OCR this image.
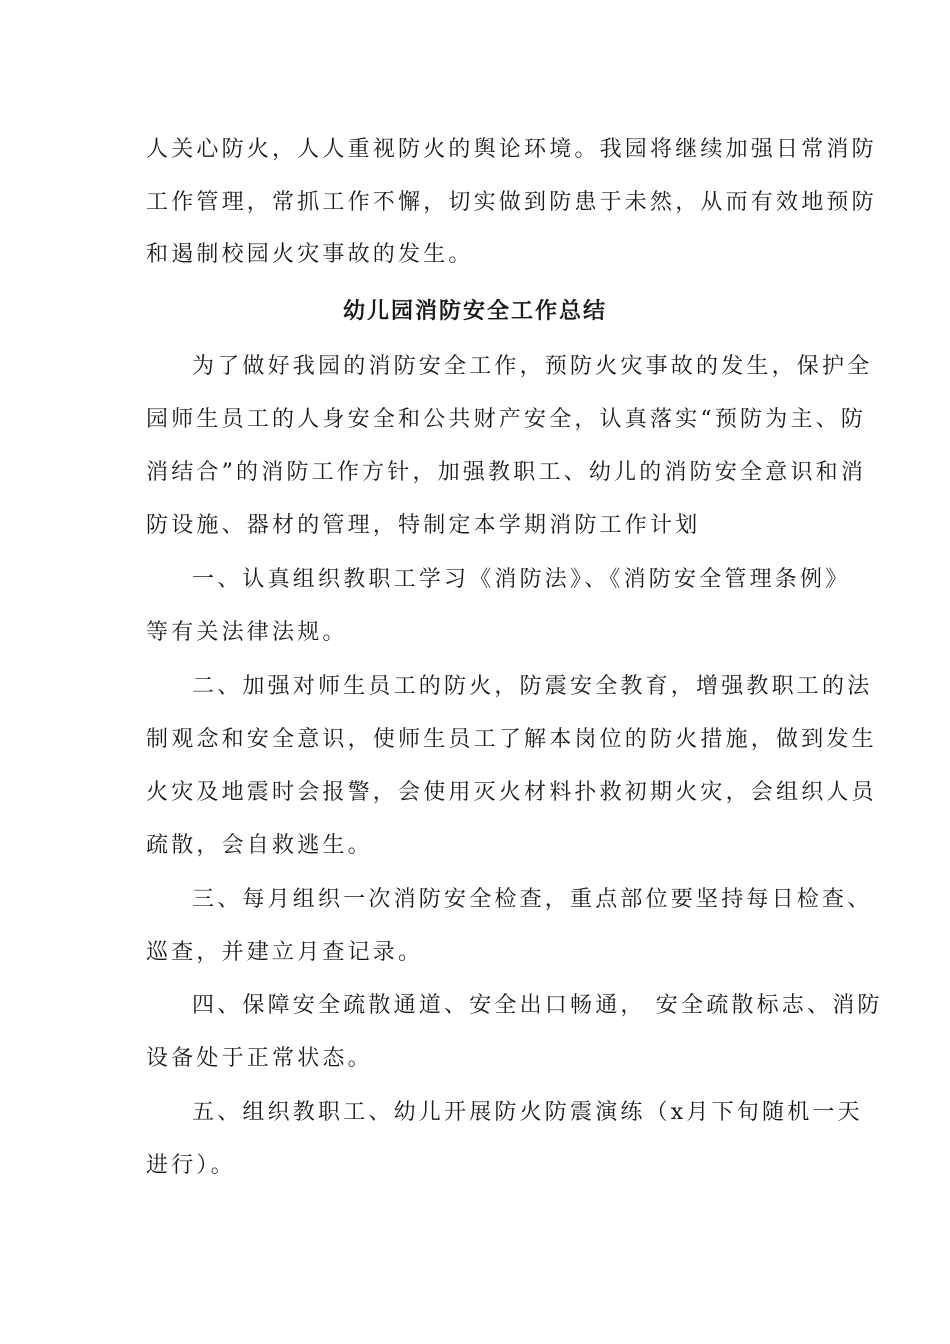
人关心防火，人人重视防火的舆论环境。我园将继续加强日常消防
工作管理，常抓工作不懈，切实做到防患于未然，从而有效地预防
和遏制校园火灾事故的发生。
幼儿园消防安全工作总结
为了做好我园的消防安全工作，预防火灾事故的发生，保护全
园师生员工的人身安全和公共财产安全，认真落实“预防为主、防
消结合”的消防工作方针，加强教职工、幼儿的消防安全意识和消
防设施、器材的管理，特制定本学期消防工作计划
一、认真组织教职工学习《消防法》、《消防安全管理条例》
等有关法律法规。
二、加强对师生员工的防火，防震安全教育，增强教职工的法
制观念和安全意识，使师生员工了解本岗位的防火措施，做到发生
火灾及地震时会报警，会使用灭火材料扑救初期火灾，会组织人员
疏散，会自救逃生。
三、每月组织一次消防安全检查，重点部位要坚持每日检查、
巡查，并建立月查记录。
四、保障安全疏散通道、安全出口畅通， 安全疏散标志、消防
设备处于正常状态。
五、组织教职工、幼儿开展防火防震演练（x月下旬随机一天
进行）。
